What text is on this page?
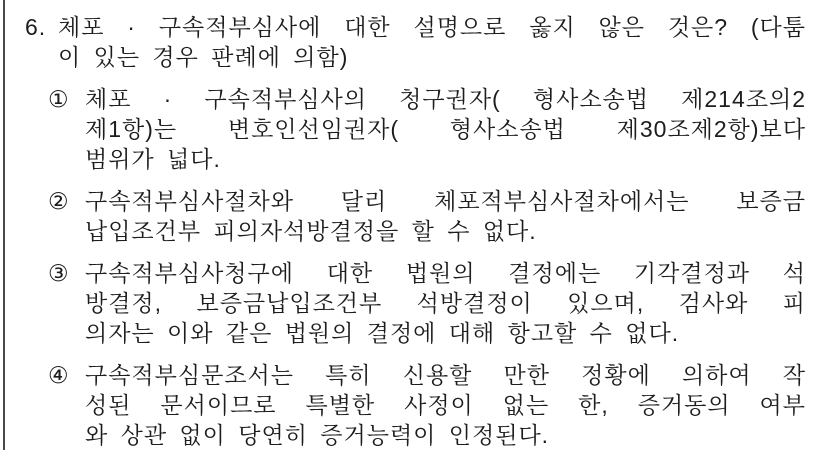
6. 체포 · 구속적부심사에 대한 설명으로 옳지 않은 것은? (다툼
이 있는 경우 판례에 의함)
① 체포 · 구속적부심사의 청구권자( 형사소송법 제214조의2
제1항)는 변호인선임권자( 형사소송법 제30조제2항)보다
범위가 넓다.
② 구속적부심사절차와 달리 체포적부심사절차에서는 보증금
납입조건부 피의자석방결정을 할 수 없다.
③ 구속적부심사청구에 대한 법원의 결정에는 기각결정과 석
방결정, 보증금납입조건부 석방결정이 있으며, 검사와 피
의자는 이와 같은 법원의 결정에 대해 항고할 수 없다.
④ 구속적부심문조서는 특히 신용할 만한 정황에 의하여 작
성된 문서이므로 특별한 사정이 없는 한, 증거동의 여부
와 상관 없이 당연히 증거능력이 인정된다.
